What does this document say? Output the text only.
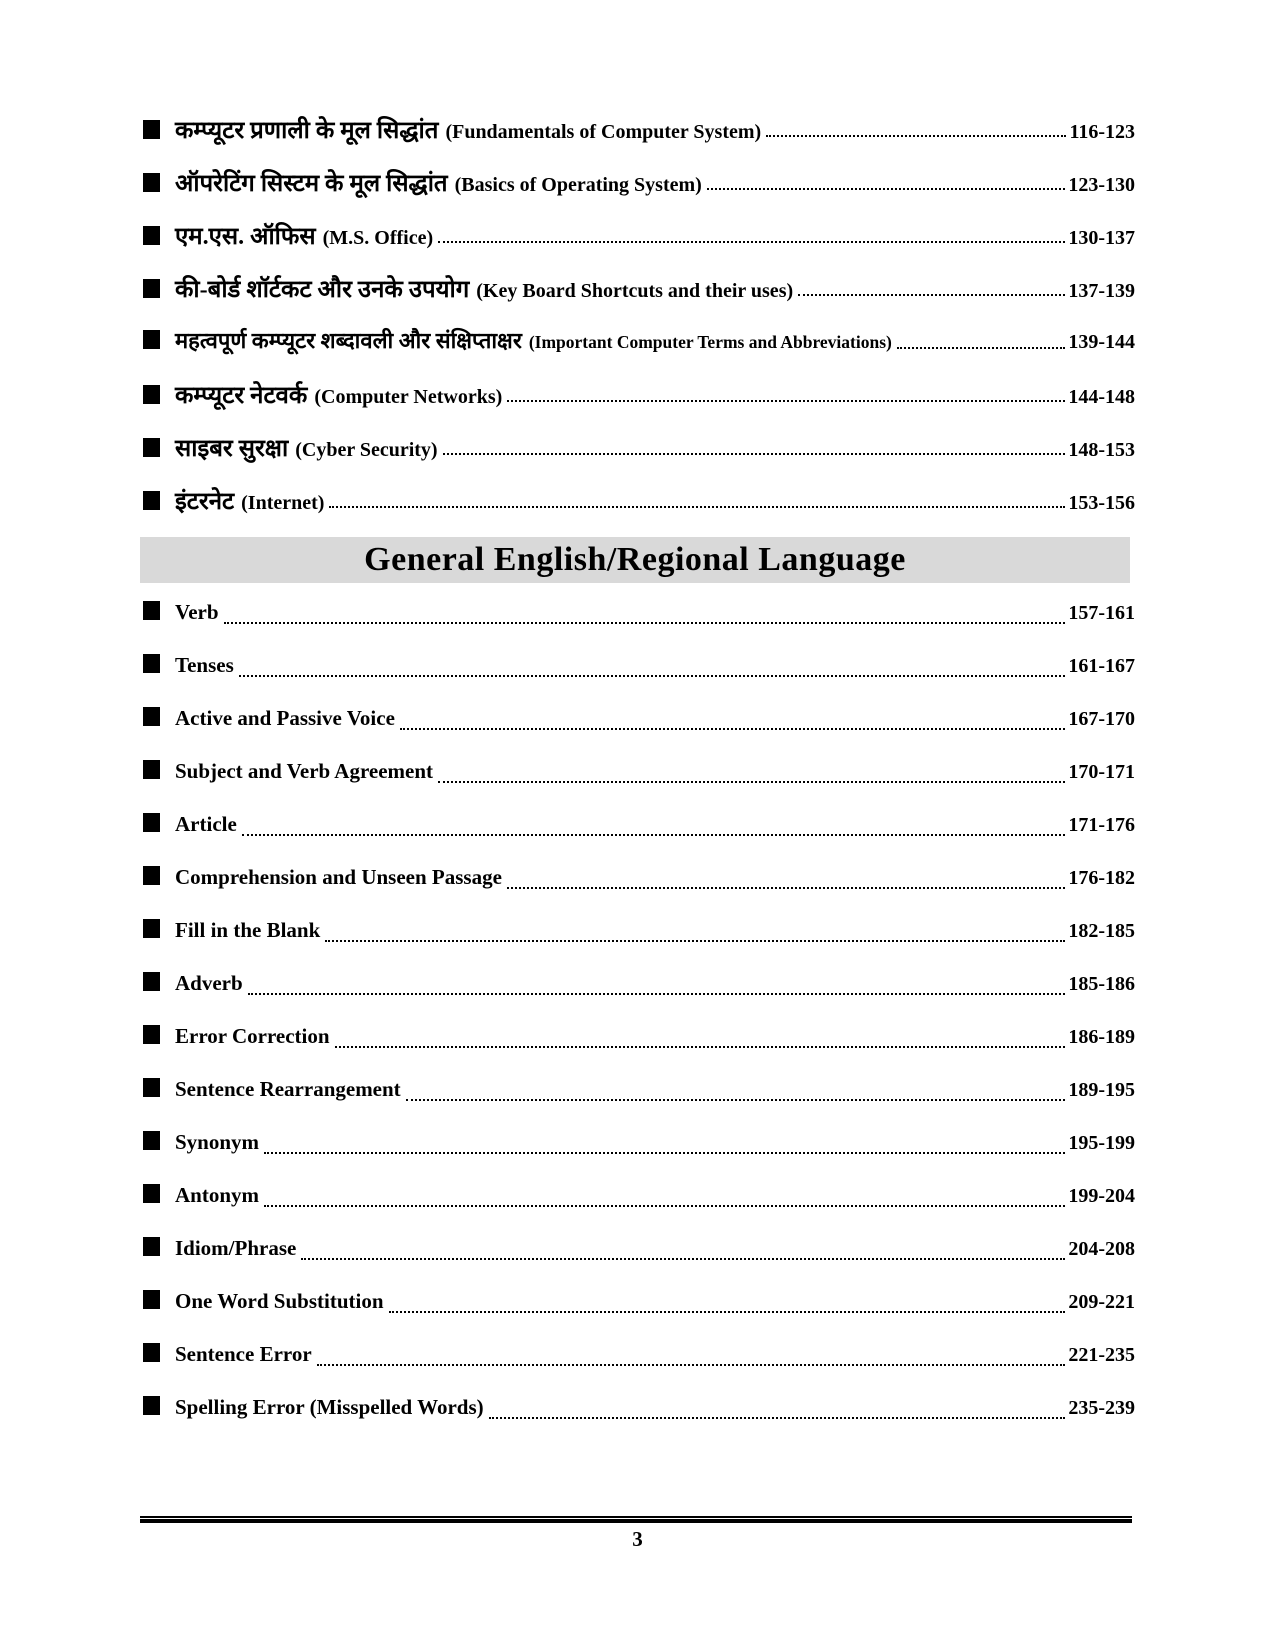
कम्प्यूटर प्रणाली के मूल सिद्धांत (Fundamentals of Computer System)	116-123
ऑपरेटिंग सिस्टम के मूल सिद्धांत (Basics of Operating System)	123-130
एम.एस. ऑफिस (M.S. Office)	130-137
की-बोर्ड शॉर्टकट और उनके उपयोग (Key Board Shortcuts and their uses)	137-139
महत्वपूर्ण कम्प्यूटर शब्दावली और संक्षिप्ताक्षर (Important Computer Terms and Abbreviations)	139-144
कम्प्यूटर नेटवर्क (Computer Networks)	144-148
साइबर सुरक्षा (Cyber Security)	148-153
इंटरनेट (Internet)	153-156
General English/Regional Language
Verb	157-161
Tenses	161-167
Active and Passive Voice	167-170
Subject and Verb Agreement	170-171
Article	171-176
Comprehension and Unseen Passage	176-182
Fill in the Blank	182-185
Adverb	185-186
Error Correction	186-189
Sentence Rearrangement	189-195
Synonym	195-199
Antonym	199-204
Idiom/Phrase	204-208
One Word Substitution	209-221
Sentence Error	221-235
Spelling Error (Misspelled Words)	235-239
3
